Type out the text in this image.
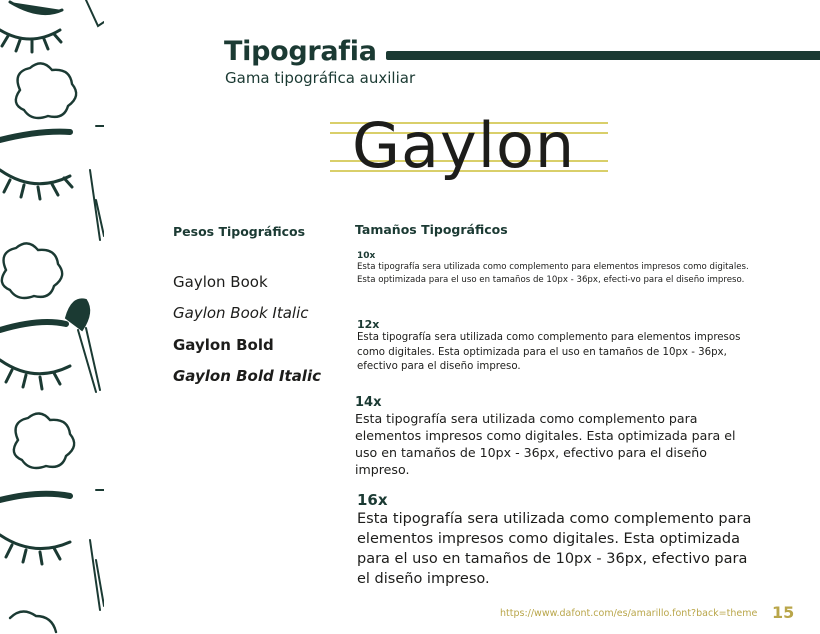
Tipografia

Gama tipográfica auxiliar

Gaylon
Pesos Tipográficos
Gaylon Book
Gaylon Book Italic
Gaylon Bold
Gaylon Bold Italic
Tamaños Tipográficos

10x

Esta tipografía sera utilizada como complemento para elementos impresos como digitales. Esta optimizada para el uso en tamaños de 10px - 36px, efecti-vo para el diseño impreso.

12x

Esta tipografía sera utilizada como complemento para elementos impresos como digitales. Esta optimizada para el uso en tamaños de 10px - 36px, efectivo para el diseño impreso.

14x

Esta tipografía sera utilizada como complemento para elementos impresos como digitales. Esta optimizada para el uso en tamaños de 10px - 36px, efectivo para el diseño impreso.

16x

Esta tipografía sera utilizada como complemento para elementos impresos como digitales. Esta optimizada para el uso en tamaños de 10px - 36px, efectivo para el diseño impreso.

https://www.dafont.com/es/amarillo.font?back=theme 15
